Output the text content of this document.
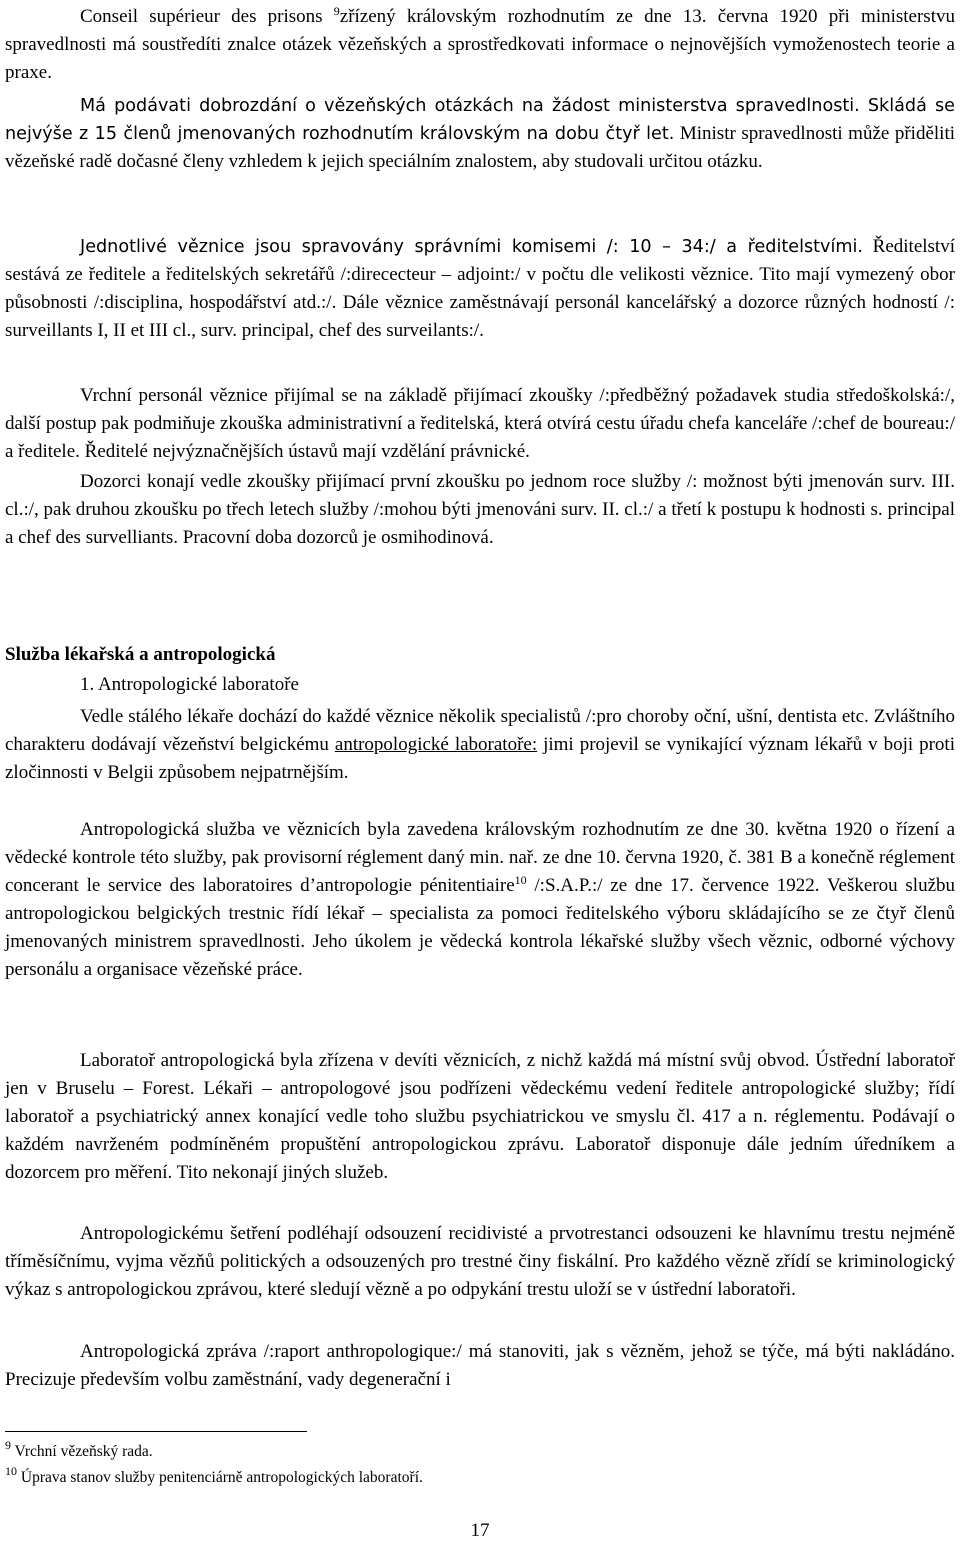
Conseil supérieur des prisons $^9$zřízený královským rozhodnutím ze dne 13. června 1920 při ministerstvu spravedlnosti má soustředíti znalce otázek vězeňských a sprostředkovati informace o nejnovějších vymoženostech teorie a praxe.

Má podávati dobrozdání o vězeňských otázkách na žádost ministerstva spravedlnosti. Skládá se nejvýše z 15 členů jmenovaných rozhodnutím královským na dobu čtyř let. Ministr spravedlnosti může přiděliti vězeňské radě dočasné členy vzhledem k jejich speciálním znalostem, aby studovali určitou otázku.

Jednotlivé věznice jsou spravovány správními komisemi /: 10 – 34:/ a ředitelstvími. Ředitelství sestává ze ředitele a ředitelských sekretářů /:dirececteur – adjoint:/ v počtu dle velikosti věznice. Tito mají vymezený obor působnosti /:disciplina, hospodářství atd.:/. Dále věznice zaměstnávají personál kancelářský a dozorce různých hodností /: surveillants I, II et III cl., surv. principal, chef des surveilants:/.

Vrchní personál věznice přijímal se na základě přijímací zkoušky /:předběžný požadavek studia středoškolská:/, další postup pak podmiňuje zkouška administrativní a ředitelská, která otvírá cestu úřadu chefa kanceláře /:chef de boureau:/ a ředitele. Ředitelé nejvýznačnějších ústavů mají vzdělání právnické.

Dozorci konají vedle zkoušky přijímací první zkoušku po jednom roce služby /: možnost býti jmenován surv. III. cl.:/, pak druhou zkoušku po třech letech služby /:mohou býti jmenováni surv. II. cl.:/ a třetí k postupu k hodnosti s. principal a chef des survelliants. Pracovní doba dozorců je osmihodinová.

Služba lékařská a antropologická

1. Antropologické laboratoře

Vedle stálého lékaře dochází do každé věznice několik specialistů /:pro choroby oční, ušní, dentista etc. Zvláštního charakteru dodávají vězeňství belgickému antropologické laboratoře: jimi projevil se vynikající význam lékařů v boji proti zločinnosti v Belgii způsobem nejpatrnějším.

Antropologická služba ve věznicích byla zavedena královským rozhodnutím ze dne 30. května 1920 o řízení a vědecké kontrole této služby, pak provisorní réglement daný min. nař. ze dne 10. června 1920, č. 381 B a konečně réglement concerant le service des laboratoires d’antropologie pénitentiaire$^{10}$ /:S.A.P.:/ ze dne 17. července 1922. Veškerou službu antropologickou belgických trestnic řídí lékař – specialista za pomoci ředitelského výboru skládajícího se ze čtyř členů jmenovaných ministrem spravedlnosti. Jeho úkolem je vědecká kontrola lékařské služby všech věznic, odborné výchovy personálu a organisace vězeňské práce.

Laboratoř antropologická byla zřízena v devíti věznicích, z nichž každá má místní svůj obvod. Ústřední laboratoř jen v Bruselu – Forest. Lékaři – antropologové jsou podřízeni vědeckému vedení ředitele antropologické služby; řídí laboratoř a psychiatrický annex konající vedle toho službu psychiatrickou ve smyslu čl. 417 a n. réglementu. Podávají o každém navrženém podmíněném propuštění antropologickou zprávu. Laboratoř disponuje dále jedním úředníkem a dozorcem pro měření. Tito nekonají jiných služeb.

Antropologickému šetření podléhají odsouzení recidivisté a prvotrestanci odsouzeni ke hlavnímu trestu nejméně tříměsíčnímu, vyjma vězňů politických a odsouzených pro trestné činy fiskální. Pro každého vězně zřídí se kriminologický výkaz s antropologickou zprávou, které sledují vězně a po odpykání trestu uloží se v ústřední laboratoři.

Antropologická zpráva /:raport anthropologique:/ má stanoviti, jak s vězněm, jehož se týče, má býti nakládáno. Precizuje především volbu zaměstnání, vady degenerační i

$^9$ Vrchní vězeňský rada.

$^{10}$ Úprava stanov služby penitenciárně antropologických laboratoří.

17
